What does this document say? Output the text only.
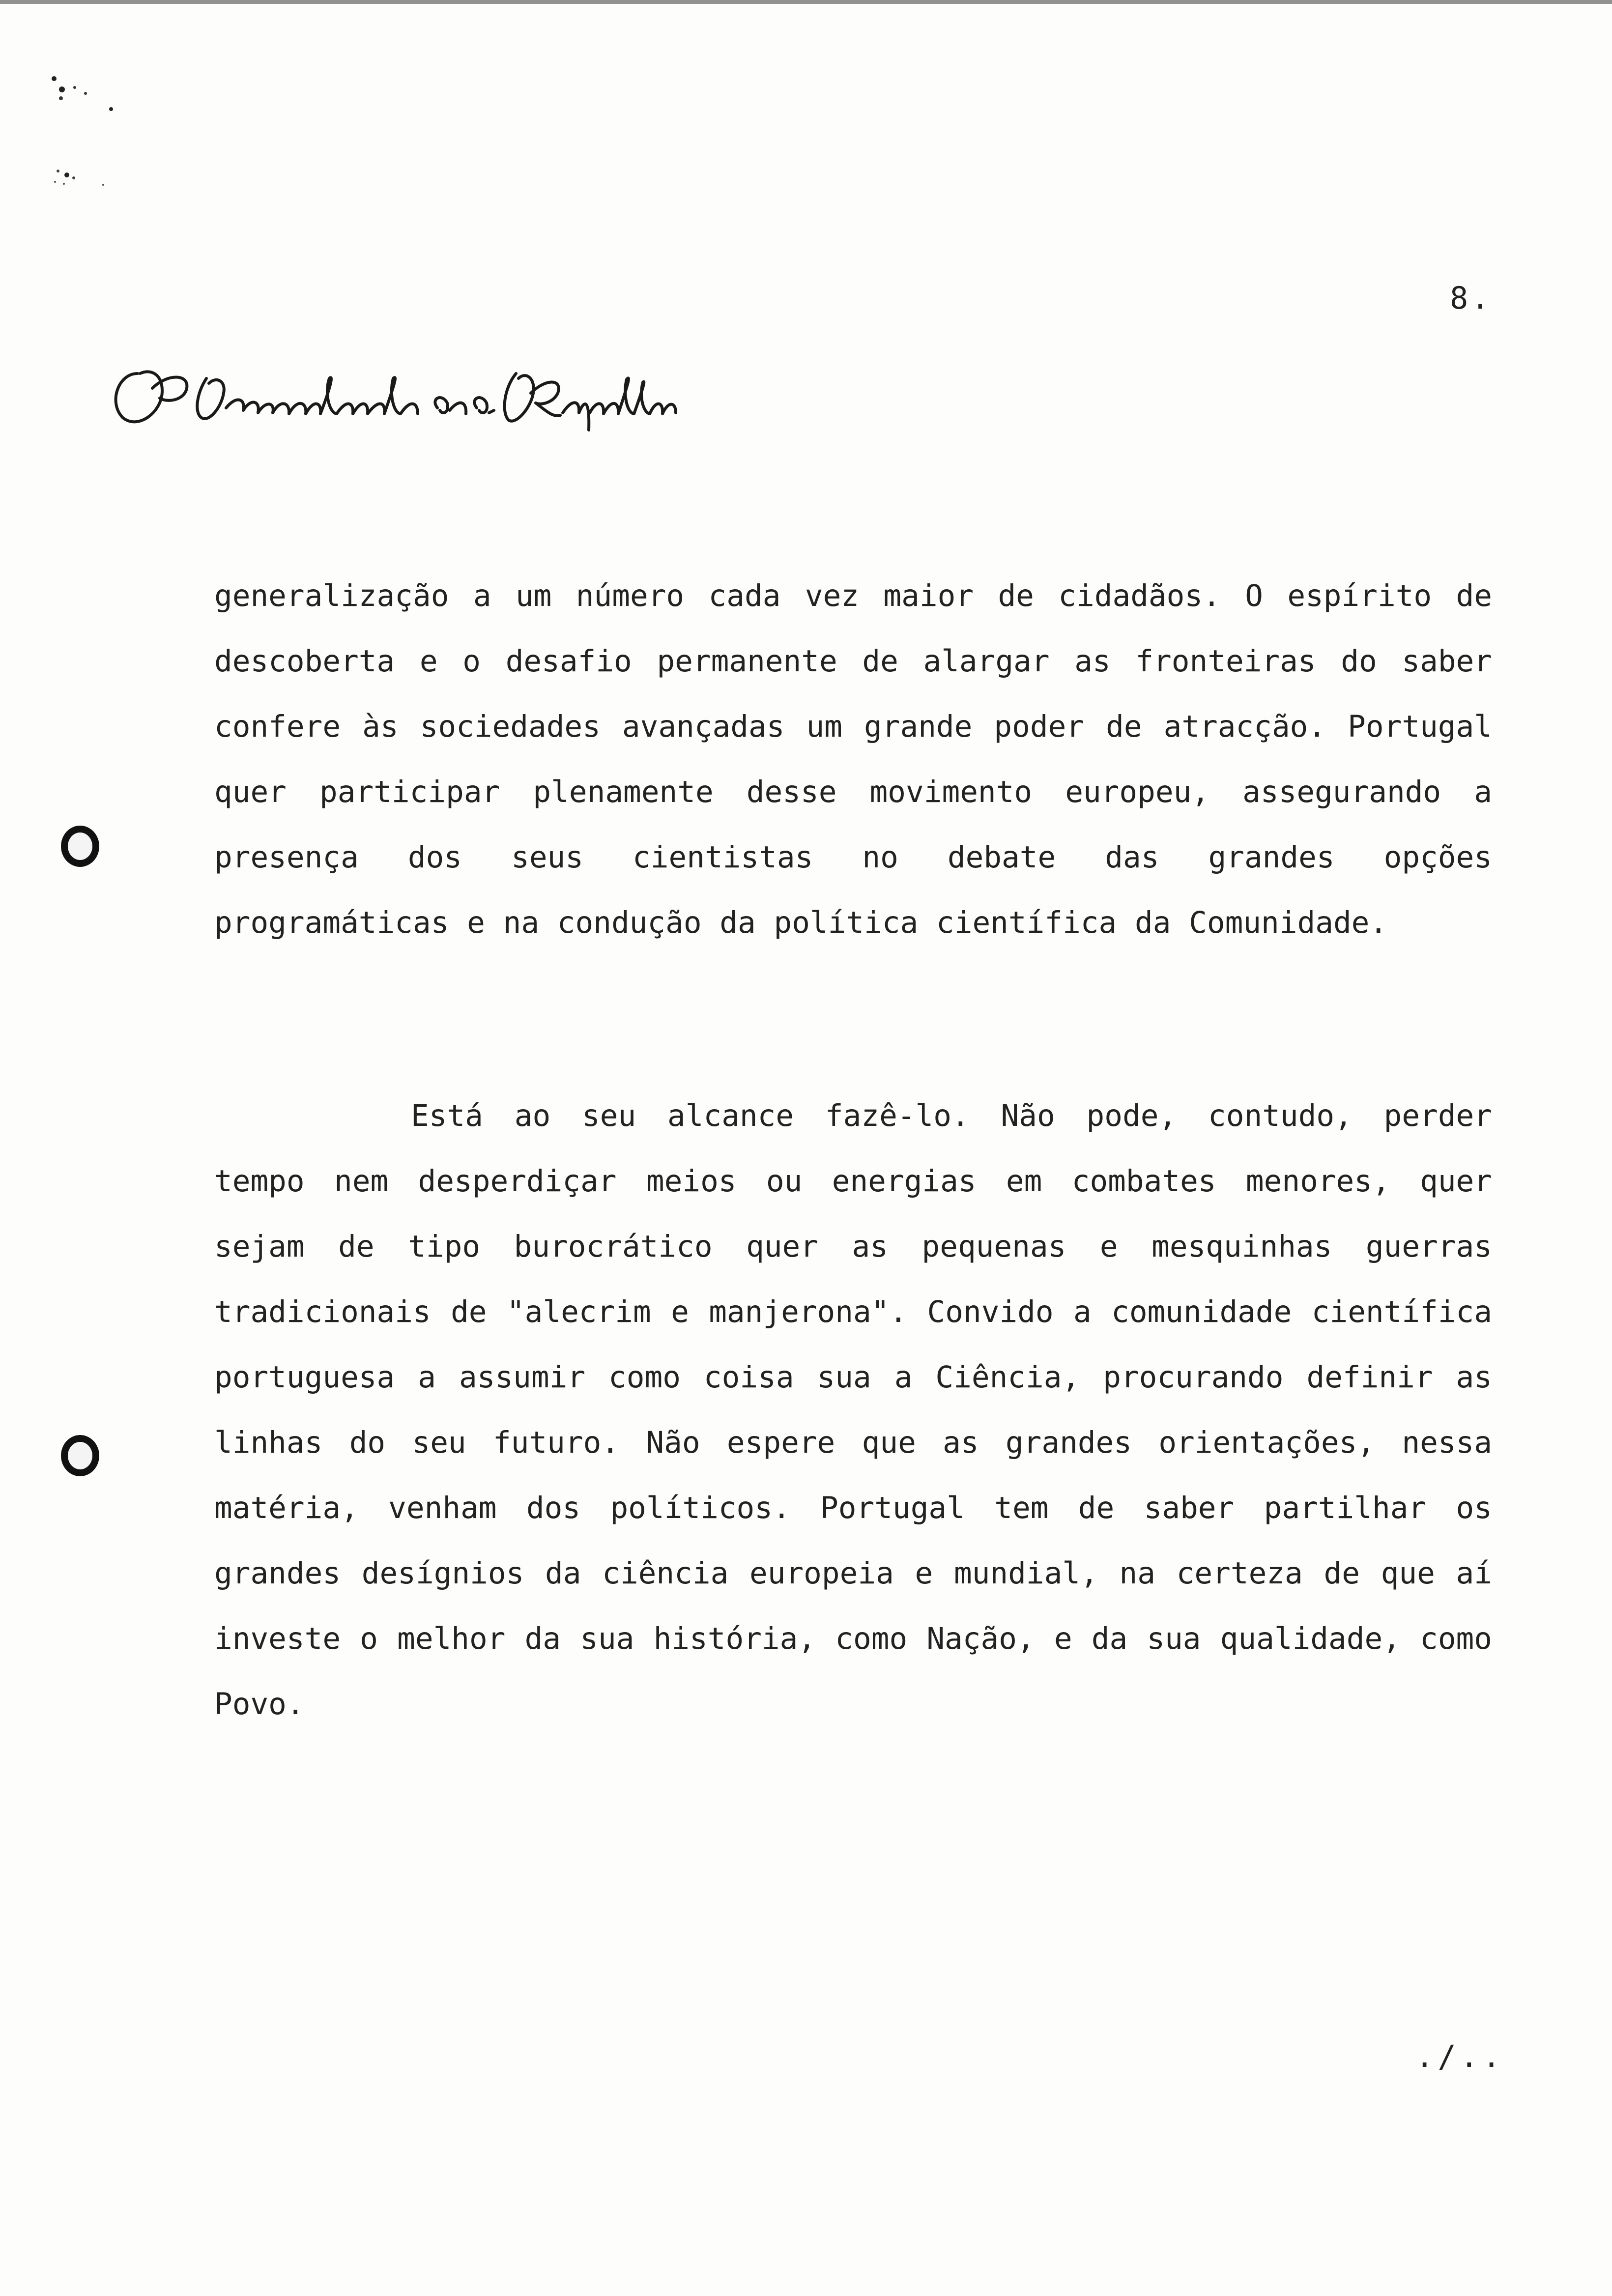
8.
O Presidente da República

generalização a um número cada vez maior de cidadãos. O espírito de descoberta e o desafio permanente de alargar as fronteiras do saber confere às sociedades avançadas um grande poder de atracção. Portugal quer participar plenamente desse movimento europeu, assegurando a presença dos seus cientistas no debate das grandes opções programáticas e na condução da política científica da Comunidade.

Está ao seu alcance fazê-lo. Não pode, contudo, perder tempo nem desperdiçar meios ou energias em combates menores, quer sejam de tipo burocrático quer as pequenas e mesquinhas guerras tradicionais de "alecrim e manjerona". Convido a comunidade científica portuguesa a assumir como coisa sua a Ciência, procurando definir as linhas do seu futuro. Não espere que as grandes orientações, nessa matéria, venham dos políticos. Portugal tem de saber partilhar os grandes desígnios da ciência europeia e mundial, na certeza de que aí investe o melhor da sua história, como Nação, e da sua qualidade, como Povo.

./..
